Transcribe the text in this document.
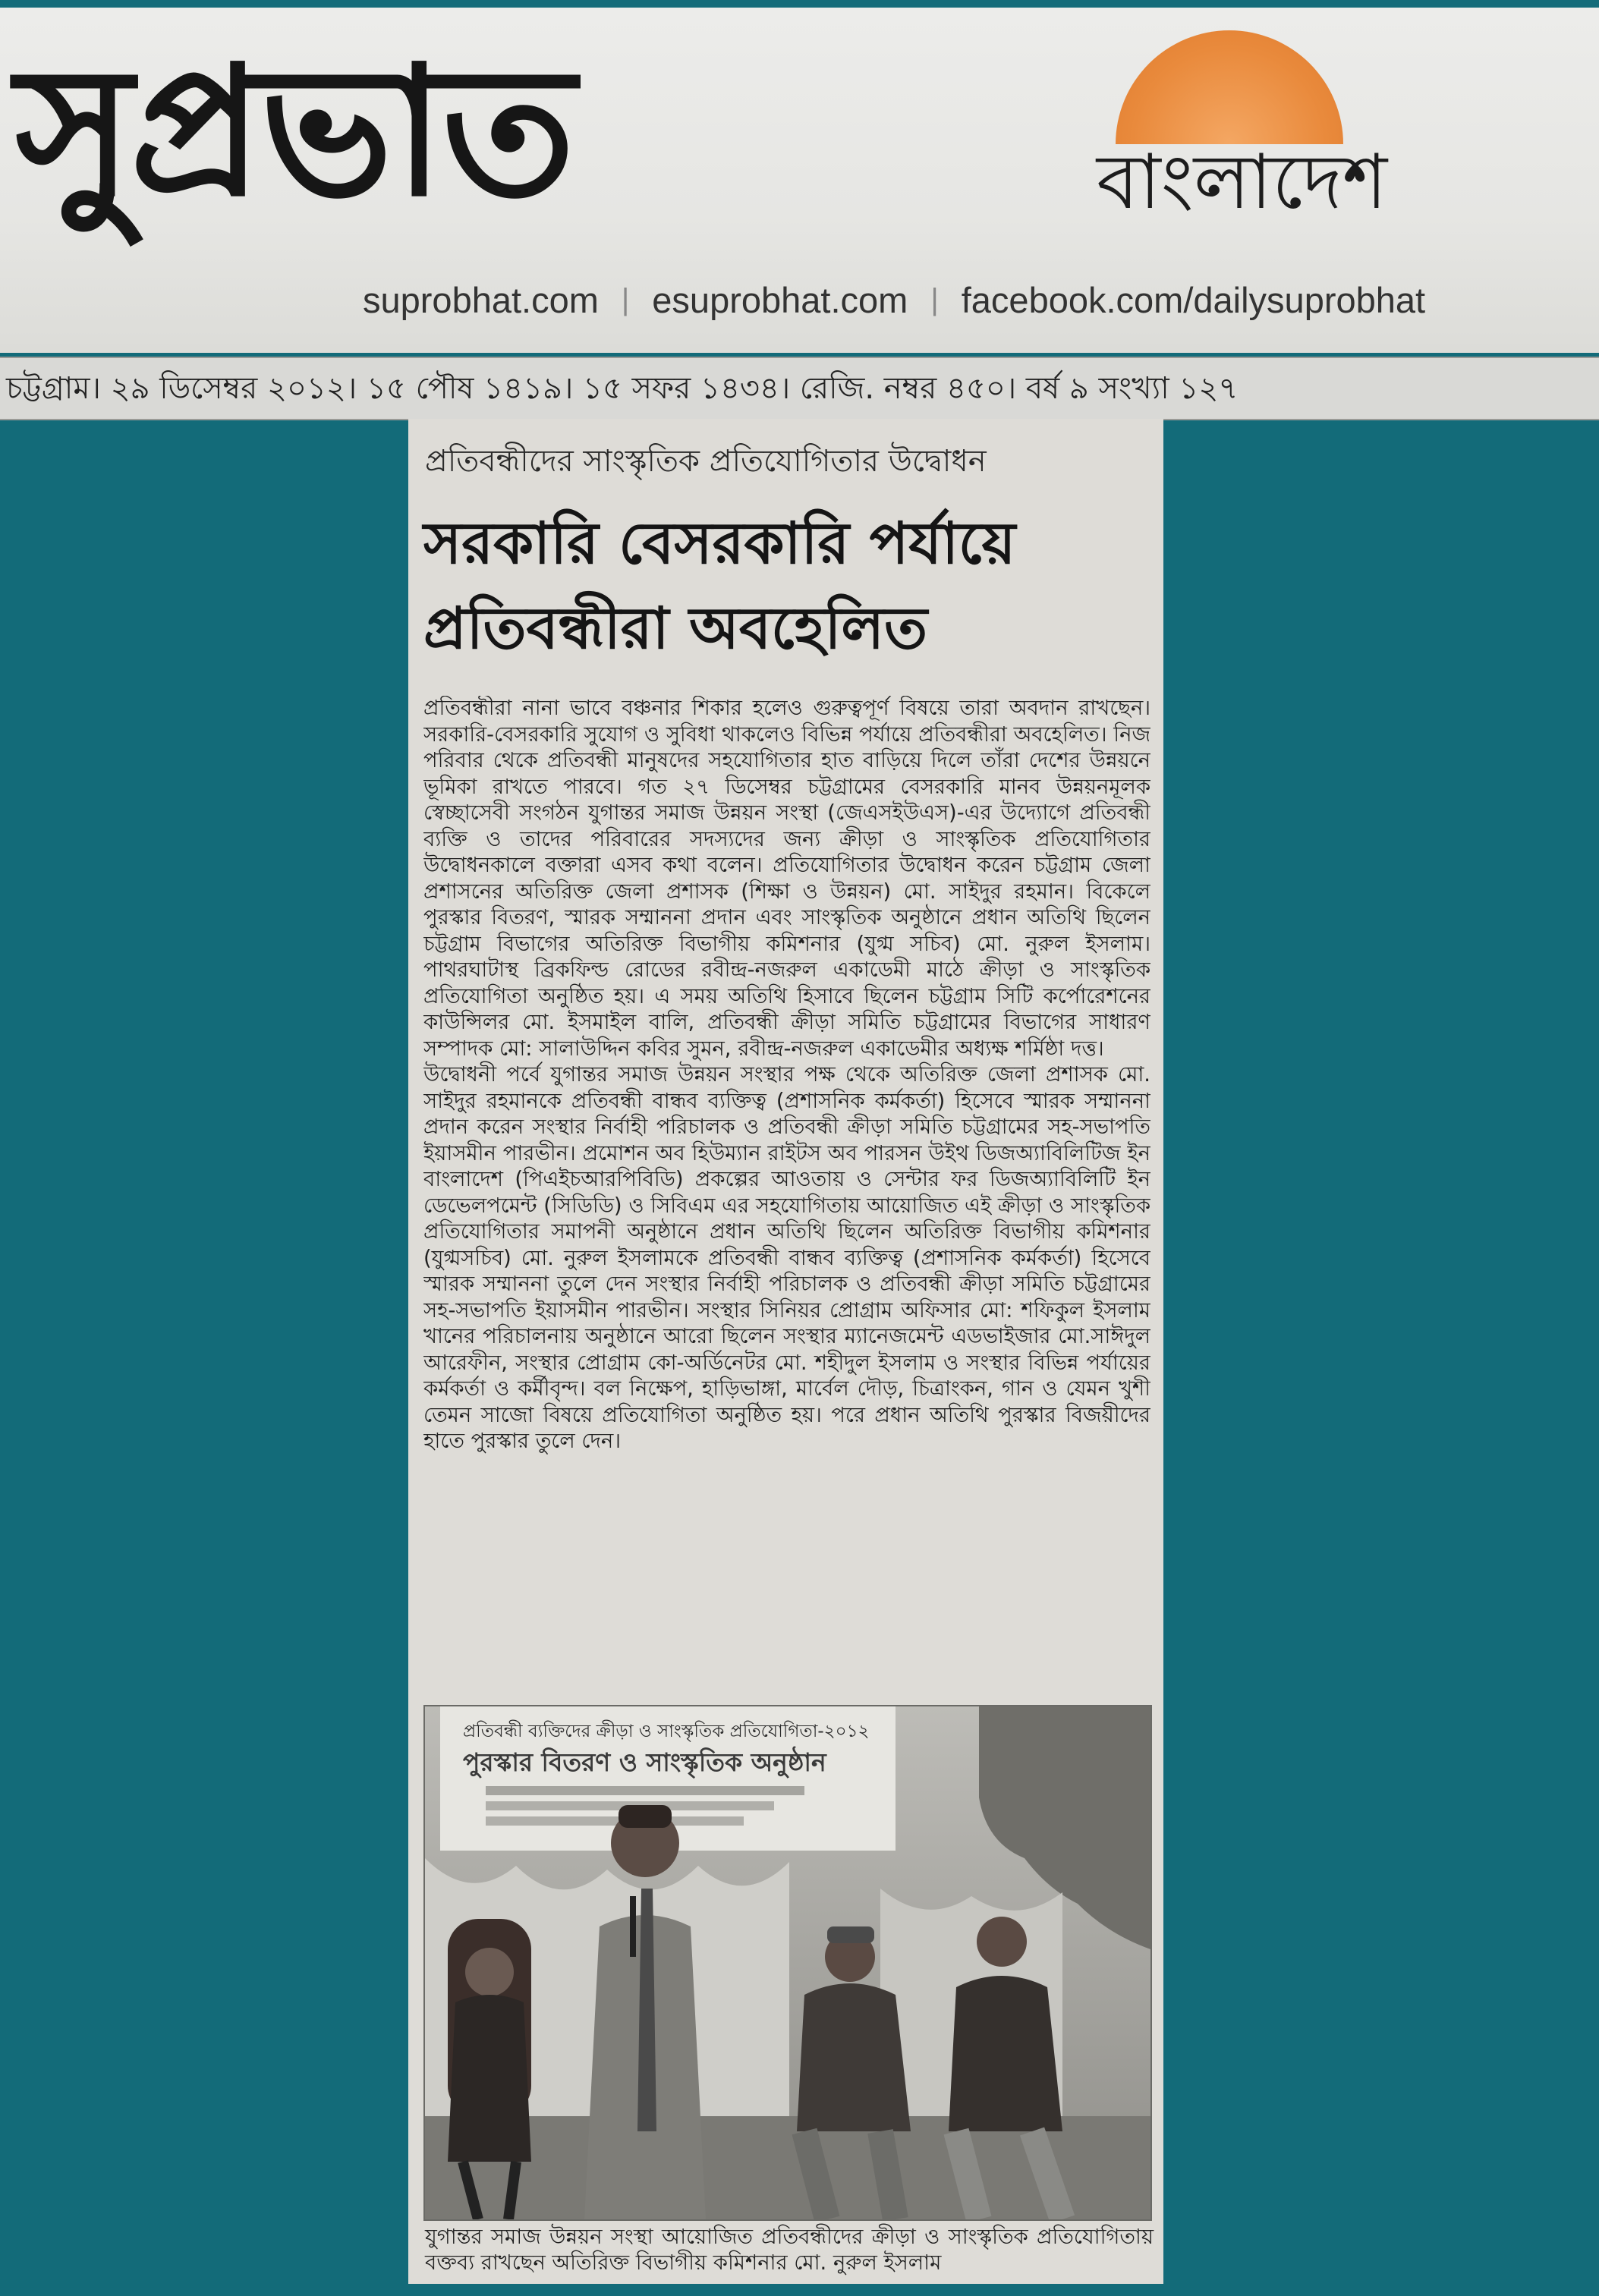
সুপ্রভাত	বাংলাদেশ
suprobhat.com | esuprobhat.com | facebook.com/dailysuprobhat
চট্টগ্রাম। ২৯ ডিসেম্বর ২০১২। ১৫ পৌষ ১৪১৯। ১৫ সফর ১৪৩৪। রেজি. নম্বর ৪৫০। বর্ষ ৯ সংখ্যা ১২৭
প্রতিবন্ধীদের সাংস্কৃতিক প্রতিযোগিতার উদ্বোধন
সরকারি বেসরকারি পর্যায়ে প্রতিবন্ধীরা অবহেলিত

প্রতিবন্ধীরা নানা ভাবে বঞ্চনার শিকার হলেও গুরুত্বপূর্ণ বিষয়ে তারা অবদান রাখছেন। সরকারি-বেসরকারি সুযোগ ও সুবিধা থাকলেও বিভিন্ন পর্যায়ে প্রতিবন্ধীরা অবহেলিত। নিজ পরিবার থেকে প্রতিবন্ধী মানুষদের সহযোগিতার হাত বাড়িয়ে দিলে তাঁরা দেশের উন্নয়নে ভূমিকা রাখতে পারবে। গত ২৭ ডিসেম্বর চট্টগ্রামের বেসরকারি মানব উন্নয়নমূলক স্বেচ্ছাসেবী সংগঠন যুগান্তর সমাজ উন্নয়ন সংস্থা (জেএসইউএস)-এর উদ্যোগে প্রতিবন্ধী ব্যক্তি ও তাদের পরিবারের সদস্যদের জন্য ক্রীড়া ও সাংস্কৃতিক প্রতিযোগিতার উদ্বোধনকালে বক্তারা এসব কথা বলেন। প্রতিযোগিতার উদ্বোধন করেন চট্টগ্রাম জেলা প্রশাসনের অতিরিক্ত জেলা প্রশাসক (শিক্ষা ও উন্নয়ন) মো. সাইদুর রহমান। বিকেলে পুরস্কার বিতরণ, স্মারক সম্মাননা প্রদান এবং সাংস্কৃতিক অনুষ্ঠানে প্রধান অতিথি ছিলেন চট্টগ্রাম বিভাগের অতিরিক্ত বিভাগীয় কমিশনার (যুগ্ম সচিব) মো. নুরুল ইসলাম। পাথরঘাটাস্থ ব্রিকফিল্ড রোডের রবীন্দ্র-নজরুল একাডেমী মাঠে ক্রীড়া ও সাংস্কৃতিক প্রতিযোগিতা অনুষ্ঠিত হয়। এ সময় অতিথি হিসাবে ছিলেন চট্টগ্রাম সিটি কর্পোরেশনের কাউন্সিলর মো. ইসমাইল বালি, প্রতিবন্ধী ক্রীড়া সমিতি চট্টগ্রামের বিভাগের সাধারণ সম্পাদক মো: সালাউদ্দিন কবির সুমন, রবীন্দ্র-নজরুল একাডেমীর অধ্যক্ষ শর্মিষ্ঠা দত্ত।

উদ্বোধনী পর্বে যুগান্তর সমাজ উন্নয়ন সংস্থার পক্ষ থেকে অতিরিক্ত জেলা প্রশাসক মো. সাইদুর রহমানকে প্রতিবন্ধী বান্ধব ব্যক্তিত্ব (প্রশাসনিক কর্মকর্তা) হিসেবে স্মারক সম্মাননা প্রদান করেন সংস্থার নির্বাহী পরিচালক ও প্রতিবন্ধী ক্রীড়া সমিতি চট্টগ্রামের সহ-সভাপতি ইয়াসমীন পারভীন। প্রমোশন অব হিউম্যান রাইটস অব পারসন উইথ ডিজঅ্যাবিলিটিজ ইন বাংলাদেশ (পিএইচআরপিবিডি) প্রকল্পের আওতায় ও সেন্টার ফর ডিজঅ্যাবিলিটি ইন ডেভেলপমেন্ট (সিডিডি) ও সিবিএম এর সহযোগিতায় আয়োজিত এই ক্রীড়া ও সাংস্কৃতিক প্রতিযোগিতার সমাপনী অনুষ্ঠানে প্রধান অতিথি ছিলেন অতিরিক্ত বিভাগীয় কমিশনার (যুগ্মসচিব) মো. নুরুল ইসলামকে প্রতিবন্ধী বান্ধব ব্যক্তিত্ব (প্রশাসনিক কর্মকর্তা) হিসেবে স্মারক সম্মাননা তুলে দেন সংস্থার নির্বাহী পরিচালক ও প্রতিবন্ধী ক্রীড়া সমিতি চট্টগ্রামের সহ-সভাপতি ইয়াসমীন পারভীন। সংস্থার সিনিয়র প্রোগ্রাম অফিসার মো: শফিকুল ইসলাম খানের পরিচালনায় অনুষ্ঠানে আরো ছিলেন সংস্থার ম্যানেজমেন্ট এডভাইজার মো.সাঈদুল আরেফীন, সংস্থার প্রোগ্রাম কো-অর্ডিনেটর মো. শহীদুল ইসলাম ও সংস্থার বিভিন্ন পর্যায়ের কর্মকর্তা ও কর্মীবৃন্দ। বল নিক্ষেপ, হাড়িভাঙ্গা, মার্বেল দৌড়, চিত্রাংকন, গান ও যেমন খুশী তেমন সাজো বিষয়ে প্রতিযোগিতা অনুষ্ঠিত হয়। পরে প্রধান অতিথি পুরস্কার বিজয়ীদের হাতে পুরস্কার তুলে দেন।

প্রতিবন্ধী ব্যক্তিদের ক্রীড়া ও সাংস্কৃতিক প্রতিযোগিতা-২০১২
পুরস্কার বিতরণ ও সাংস্কৃতিক অনুষ্ঠান
যুগান্তর সমাজ উন্নয়ন সংস্থা আয়োজিত প্রতিবন্ধীদের ক্রীড়া ও সাংস্কৃতিক প্রতিযোগিতায় বক্তব্য রাখছেন অতিরিক্ত বিভাগীয় কমিশনার মো. নুরুল ইসলাম
